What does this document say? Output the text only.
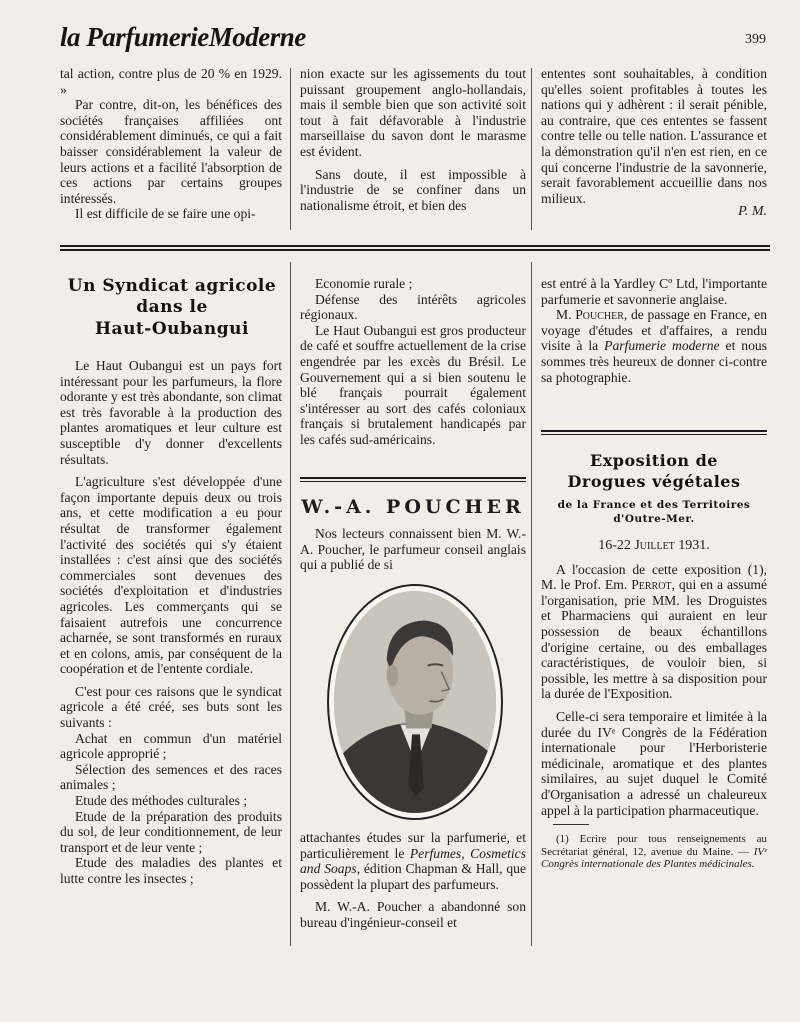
la ParfumerieModerne	399

tal action, contre plus de 20 % en 1929. »

Par contre, dit-on, les bénéfices des sociétés françaises affiliées ont considérablement diminués, ce qui a fait baisser considérablement la valeur de leurs actions et a facilité l'absorption de ces actions par certains groupes intéressés.

Il est difficile de se faire une opi-

nion exacte sur les agissements du tout puissant groupement anglo-hollandais, mais il semble bien que son activité soit tout à fait défavorable à l'industrie marseillaise du savon dont le marasme est évident.

Sans doute, il est impossible à l'industrie de se confiner dans un nationalisme étroit, et bien des

ententes sont souhaitables, à condition qu'elles soient profitables à toutes les nations qui y adhèrent : il serait pénible, au contraire, que ces ententes se fassent contre telle ou telle nation. L'assurance et la démonstration qu'il n'en est rien, en ce qui concerne l'industrie de la savonnerie, serait favorablement accueillie dans nos milieux.

P. M.
Un Syndicat agricole
dans le
Haut-Oubangui

Le Haut Oubangui est un pays fort intéressant pour les parfumeurs, la flore odorante y est très abondante, son climat est très favorable à la production des plantes aromatiques et leur culture est susceptible d'y donner d'excellents résultats.

L'agriculture s'est développée d'une façon importante depuis deux ou trois ans, et cette modification a eu pour résultat de transformer également l'activité des sociétés qui s'y étaient installées : c'est ainsi que des sociétés commerciales sont devenues des sociétés d'exploitation et d'industries agricoles. Les commerçants qui se faisaient autrefois une concurrence acharnée, se sont transformés en ruraux et en colons, amis, par conséquent de la coopération et de l'entente cordiale.

C'est pour ces raisons que le syndicat agricole a été créé, ses buts sont les suivants :

Achat en commun d'un matériel agricole approprié ;

Sélection des semences et des races animales ;

Etude des méthodes culturales ;

Etude de la préparation des produits du sol, de leur conditionnement, de leur transport et de leur vente ;

Etude des maladies des plantes et lutte contre les insectes ;

Economie rurale ;

Défense des intérêts agricoles régionaux.

Le Haut Oubangui est gros producteur de café et souffre actuellement de la crise engendrée par les excès du Brésil. Le Gouvernement qui a si bien soutenu le blé français pourrait également s'intéresser au sort des cafés coloniaux français si brutalement handicapés par les cafés sud-américains.

W.-A. POUCHER

Nos lecteurs connaissent bien M. W.-A. Poucher, le parfumeur conseil anglais qui a publié de si

attachantes études sur la parfumerie, et particulièrement le Perfumes, Cosmetics and Soaps, édition Chapman & Hall, que possèdent la plupart des parfumeurs.

M. W.-A. Poucher a abandonné son bureau d'ingénieur-conseil et

est entré à la Yardley Cº Ltd, l'importante parfumerie et savonnerie anglaise.

M. Poucher, de passage en France, en voyage d'études et d'affaires, a rendu visite à la Parfumerie moderne et nous sommes très heureux de donner ci-contre sa photographie.

Exposition de
Drogues végétales
de la France et des Territoires
d'Outre-Mer.

16-22 Juillet 1931.

A l'occasion de cette exposition (1), M. le Prof. Em. Perrot, qui en a assumé l'organisation, prie MM. les Droguistes et Pharmaciens qui auraient en leur possession de beaux échantillons d'origine certaine, ou des emballages caractéristiques, de vouloir bien, si possible, les mettre à sa disposition pour la durée de l'Exposition.

Celle-ci sera temporaire et limitée à la durée du IVᵉ Congrès de la Fédération internationale pour l'Herboristerie médicinale, aromatique et des plantes similaires, au sujet duquel le Comité d'Organisation a adressé un chaleureux appel à la participation pharmaceutique.

(1) Ecrire pour tous renseignements au Secrétariat général, 12, avenue du Maine. — IVᵉ Congrès internationale des Plantes médicinales.
